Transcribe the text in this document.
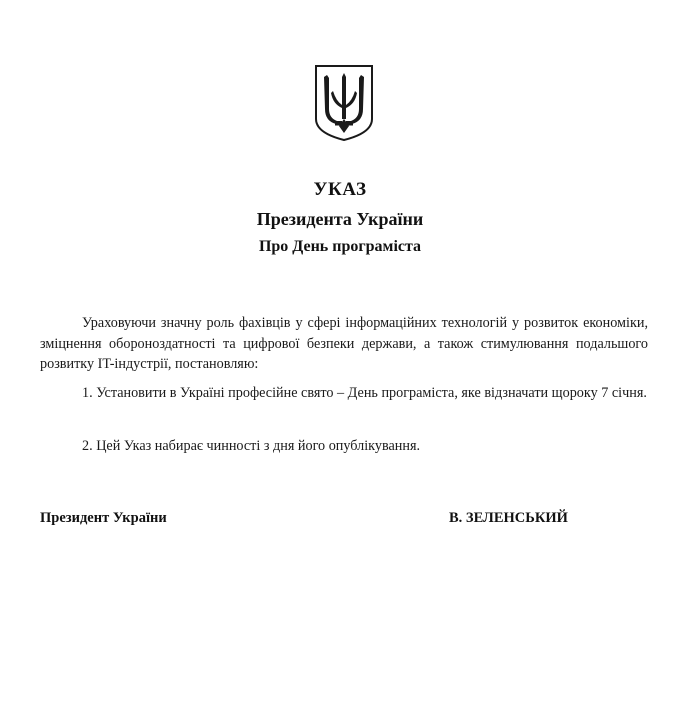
УКАЗ
Президента України
Про День програміста
Ураховуючи значну роль фахівців у сфері інформаційних технологій у розвиток економіки, зміцнення обороноздатності та цифрової безпеки держави, а також стимулювання подальшого розвитку IT-індустрії, постановляю:
1. Установити в Україні професійне свято – День програміста, яке відзначати щороку 7 січня.
2. Цей Указ набирає чинності з дня його опублікування.
Президент України	В. ЗЕЛЕНСЬКИЙ
